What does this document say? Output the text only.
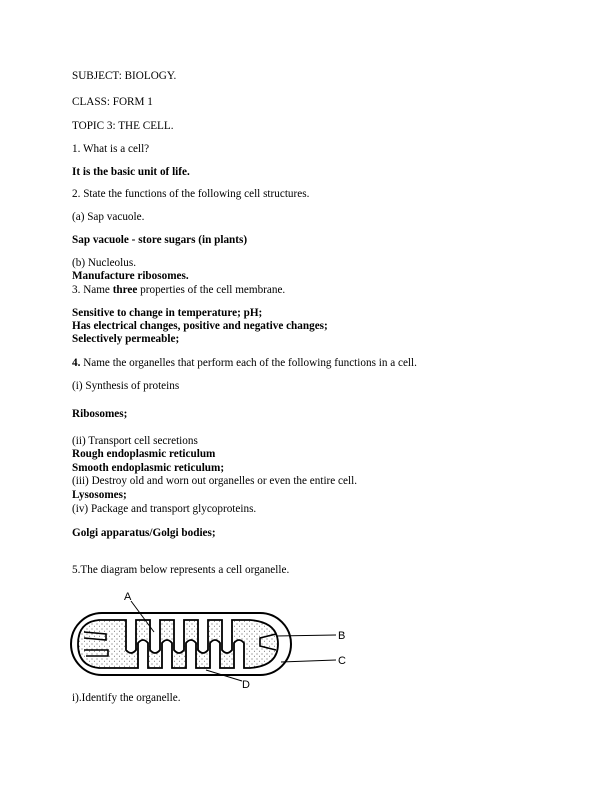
SUBJECT: BIOLOGY.
CLASS: FORM 1
TOPIC 3: THE CELL.
1. What is a cell?
It is the basic unit of life.
2. State the functions of the following cell structures.
(a) Sap vacuole.
Sap vacuole - store sugars (in plants)
(b) Nucleolus.
Manufacture ribosomes.
3. Name three properties of the cell membrane.
Sensitive to change in temperature; pH;
Has electrical changes, positive and negative changes;
Selectively permeable;
4. Name the organelles that perform each of the following functions in a cell.
(i) Synthesis of proteins
Ribosomes;
(ii) Transport cell secretions
Rough endoplasmic reticulum
Smooth endoplasmic reticulum;
(iii) Destroy old and worn out organelles or even the entire cell.
Lysosomes;
(iv) Package and transport glycoproteins.
Golgi apparatus/Golgi bodies;
5.The diagram below represents a cell organelle.
A
B
C
D
i).Identify the organelle.
